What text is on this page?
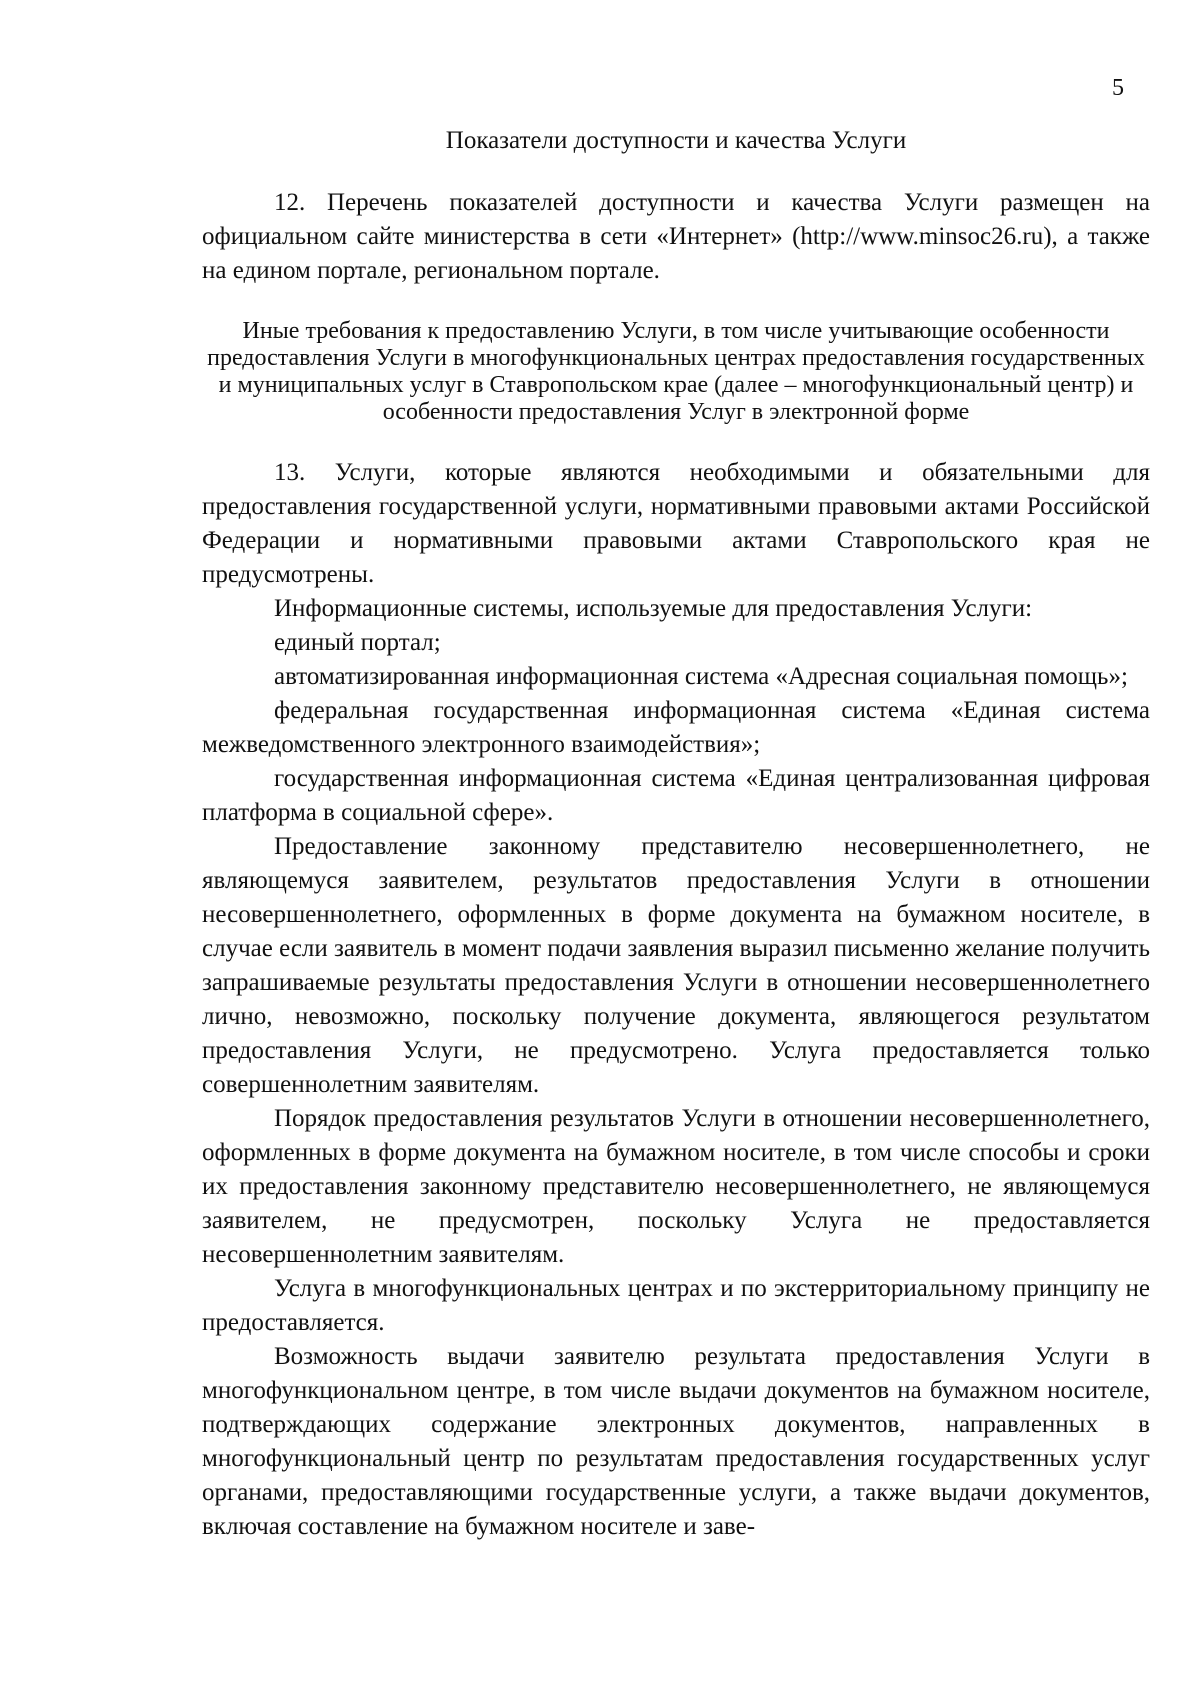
5
Показатели доступности и качества Услуги

12. Перечень показателей доступности и качества Услуги размещен на официальном сайте министерства в сети «Интернет» (http://www.minsoc26.ru), а также на едином портале, региональном портале.

Иные требования к предоставлению Услуги, в том числе учитывающие особенности предоставления Услуги в многофункциональных центрах предоставления государственных и муниципальных услуг в Ставропольском крае (далее – многофункциональный центр) и особенности предоставления Услуг в электронной форме

13. Услуги, которые являются необходимыми и обязательными для предоставления государственной услуги, нормативными правовыми актами Российской Федерации и нормативными правовыми актами Ставропольского края не предусмотрены.

Информационные системы, используемые для предоставления Услуги:

единый портал;

автоматизированная информационная система «Адресная социальная помощь»;

федеральная государственная информационная система «Единая система межведомственного электронного взаимодействия»;

государственная информационная система «Единая централизованная цифровая платформа в социальной сфере».

Предоставление законному представителю несовершеннолетнего, не являющемуся заявителем, результатов предоставления Услуги в отношении несовершеннолетнего, оформленных в форме документа на бумажном носителе, в случае если заявитель в момент подачи заявления выразил письменно желание получить запрашиваемые результаты предоставления Услуги в отношении несовершеннолетнего лично, невозможно, поскольку получение документа, являющегося результатом предоставления Услуги, не предусмотрено. Услуга предоставляется только совершеннолетним заявителям.

Порядок предоставления результатов Услуги в отношении несовершеннолетнего, оформленных в форме документа на бумажном носителе, в том числе способы и сроки их предоставления законному представителю несовершеннолетнего, не являющемуся заявителем, не предусмотрен, поскольку Услуга не предоставляется несовершеннолетним заявителям.

Услуга в многофункциональных центрах и по экстерриториальному принципу не предоставляется.

Возможность выдачи заявителю результата предоставления Услуги в многофункциональном центре, в том числе выдачи документов на бумажном носителе, подтверждающих содержание электронных документов, направленных в многофункциональный центр по результатам предоставления государственных услуг органами, предоставляющими государственные услуги, а также выдачи документов, включая составление на бумажном носителе и заве-
